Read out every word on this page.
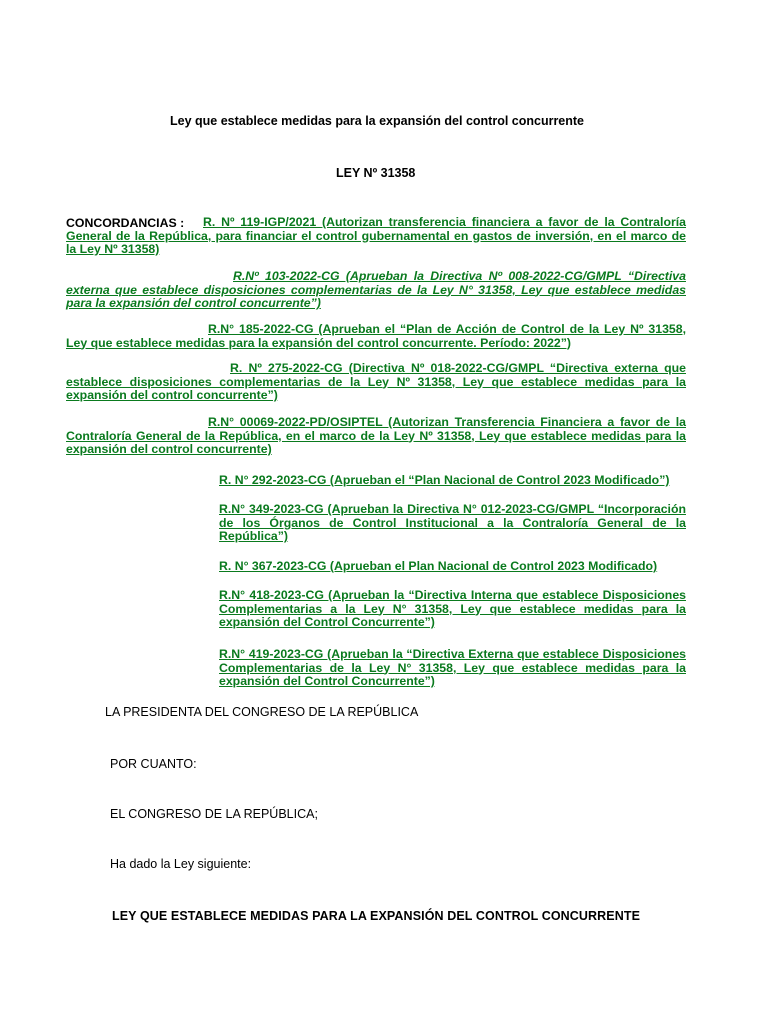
Ley que establece medidas para la expansión del control concurrente
LEY Nº 31358
CONCORDANCIAS :	R. Nº 119-IGP/2021 (Autorizan transferencia financiera a favor de la Contraloría General de la República, para financiar el control gubernamental en gastos de inversión, en el marco de la Ley Nº 31358)
R.Nº 103-2022-CG (Aprueban la Directiva Nº 008-2022-CG/GMPL “Directiva externa que establece disposiciones complementarias de la Ley N° 31358, Ley que establece medidas para la expansión del control concurrente”)
R.N° 185-2022-CG (Aprueban el “Plan de Acción de Control de la Ley Nº 31358, Ley que establece medidas para la expansión del control concurrente. Período: 2022”)
R. Nº 275-2022-CG (Directiva Nº 018-2022-CG/GMPL “Directiva externa que establece disposiciones complementarias de la Ley Nº 31358, Ley que establece medidas para la expansión del control concurrente”)
R.N° 00069-2022-PD/OSIPTEL (Autorizan Transferencia Financiera a favor de la Contraloría General de la República, en el marco de la Ley Nº 31358, Ley que establece medidas para la expansión del control concurrente)
R. N° 292-2023-CG (Aprueban el “Plan Nacional de Control 2023 Modificado”)
R.N° 349-2023-CG (Aprueban la Directiva N° 012-2023-CG/GMPL “Incorporación de los Órganos de Control Institucional a la Contraloría General de la República”)
R. N° 367-2023-CG (Aprueban el Plan Nacional de Control 2023 Modificado)
R.N° 418-2023-CG (Aprueban la “Directiva Interna que establece Disposiciones Complementarias a la Ley N° 31358, Ley que establece medidas para la expansión del Control Concurrente”)
R.N° 419-2023-CG (Aprueban la “Directiva Externa que establece Disposiciones Complementarias de la Ley N° 31358, Ley que establece medidas para la expansión del Control Concurrente”)
LA PRESIDENTA DEL CONGRESO DE LA REPÚBLICA
POR CUANTO:
EL CONGRESO DE LA REPÚBLICA;
Ha dado la Ley siguiente:
LEY QUE ESTABLECE MEDIDAS PARA LA EXPANSIÓN DEL CONTROL CONCURRENTE
